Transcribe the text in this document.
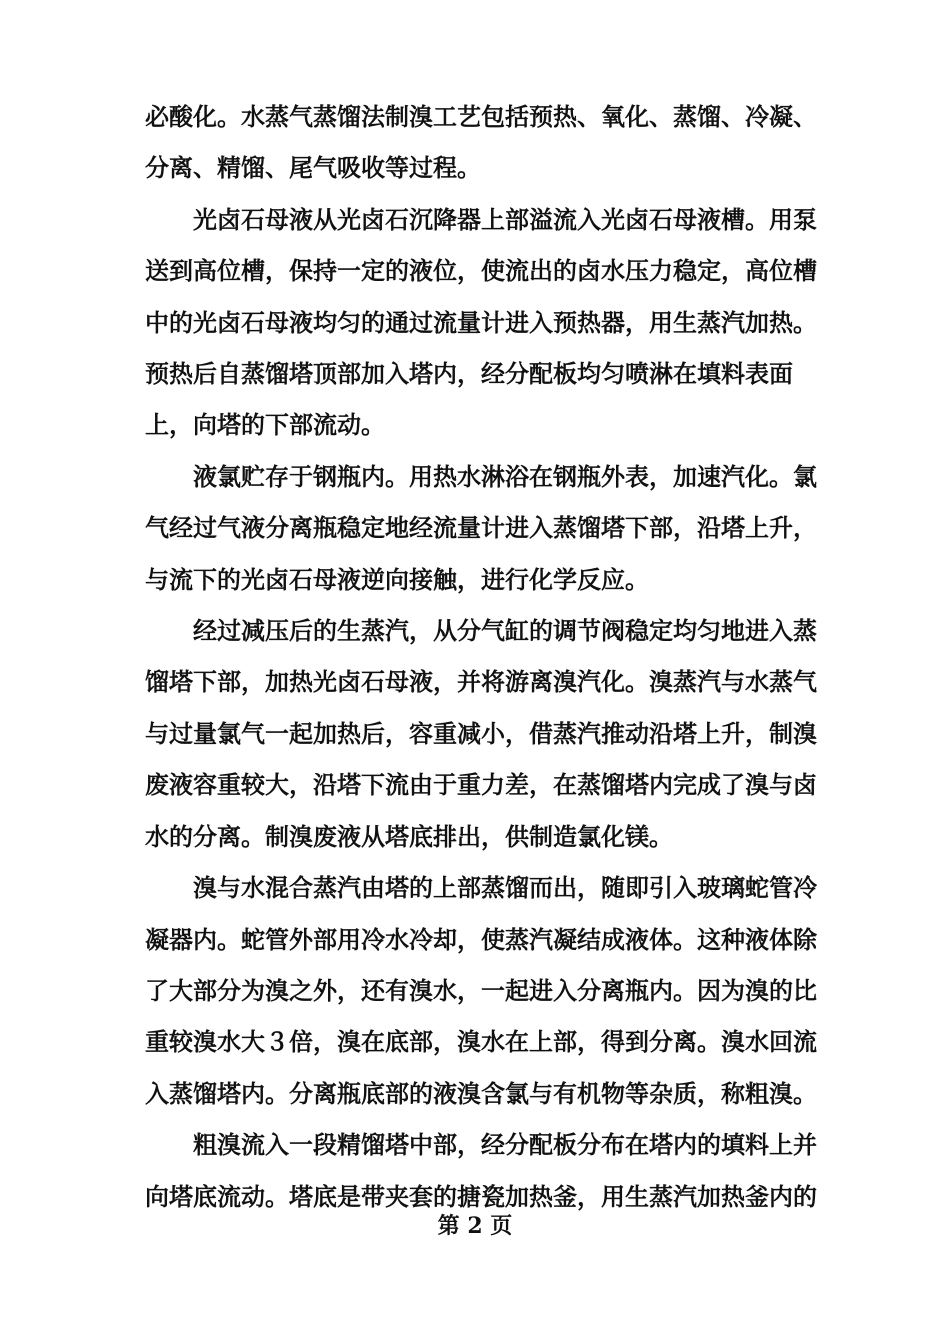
必酸化。水蒸气蒸馏法制溴工艺包括预热、氧化、蒸馏、冷凝、

分离、精馏、尾气吸收等过程。

　　光卤石母液从光卤石沉降器上部溢流入光卤石母液槽。用泵

送到高位槽，保持一定的液位，使流出的卤水压力稳定，高位槽

中的光卤石母液均匀的通过流量计进入预热器，用生蒸汽加热。

预热后自蒸馏塔顶部加入塔内，经分配板均匀喷淋在填料表面

上，向塔的下部流动。

　　液氯贮存于钢瓶内。用热水淋浴在钢瓶外表，加速汽化。氯

气经过气液分离瓶稳定地经流量计进入蒸馏塔下部，沿塔上升，

与流下的光卤石母液逆向接触，进行化学反应。

　　经过减压后的生蒸汽，从分气缸的调节阀稳定均匀地进入蒸

馏塔下部，加热光卤石母液，并将游离溴汽化。溴蒸汽与水蒸气

与过量氯气一起加热后，容重减小，借蒸汽推动沿塔上升，制溴

废液容重较大，沿塔下流由于重力差，在蒸馏塔内完成了溴与卤

水的分离。制溴废液从塔底排出，供制造氯化镁。

　　溴与水混合蒸汽由塔的上部蒸馏而出，随即引入玻璃蛇管冷

凝器内。蛇管外部用冷水冷却，使蒸汽凝结成液体。这种液体除

了大部分为溴之外，还有溴水，一起进入分离瓶内。因为溴的比

重较溴水大３倍，溴在底部，溴水在上部，得到分离。溴水回流

入蒸馏塔内。分离瓶底部的液溴含氯与有机物等杂质，称粗溴。

　　粗溴流入一段精馏塔中部，经分配板分布在塔内的填料上并

向塔底流动。塔底是带夹套的搪瓷加热釜，用生蒸汽加热釜内的

第 2 页
